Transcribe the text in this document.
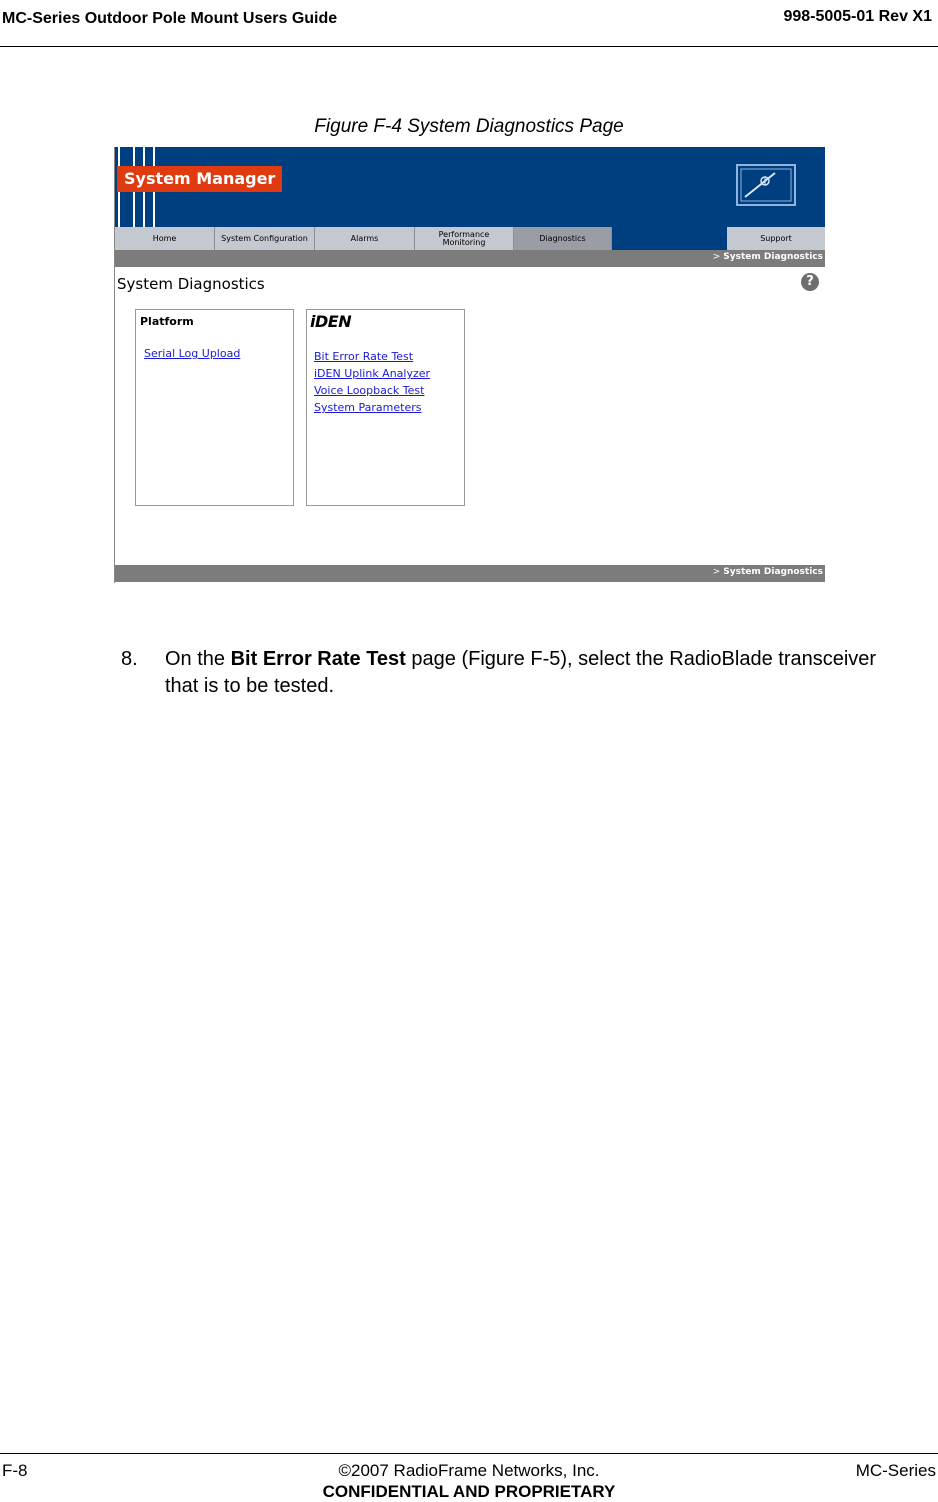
MC-Series Outdoor Pole Mount Users Guide	998-5005-01 Rev X1
Figure F-4 System Diagnostics Page
System Manager
Home	System Configuration	Alarms	Performance
Monitoring	Diagnostics	Support
> System Diagnostics
System Diagnostics	?
Platform
Serial Log Upload
iDEN
Bit Error Rate Test
iDEN Uplink Analyzer
Voice Loopback Test
System Parameters
> System Diagnostics
8. On the Bit Error Rate Test page (Figure F-5), select the RadioBlade transceiver that is to be tested.
F-8	©2007 RadioFrame Networks, Inc.
CONFIDENTIAL AND PROPRIETARY
MC-Series
